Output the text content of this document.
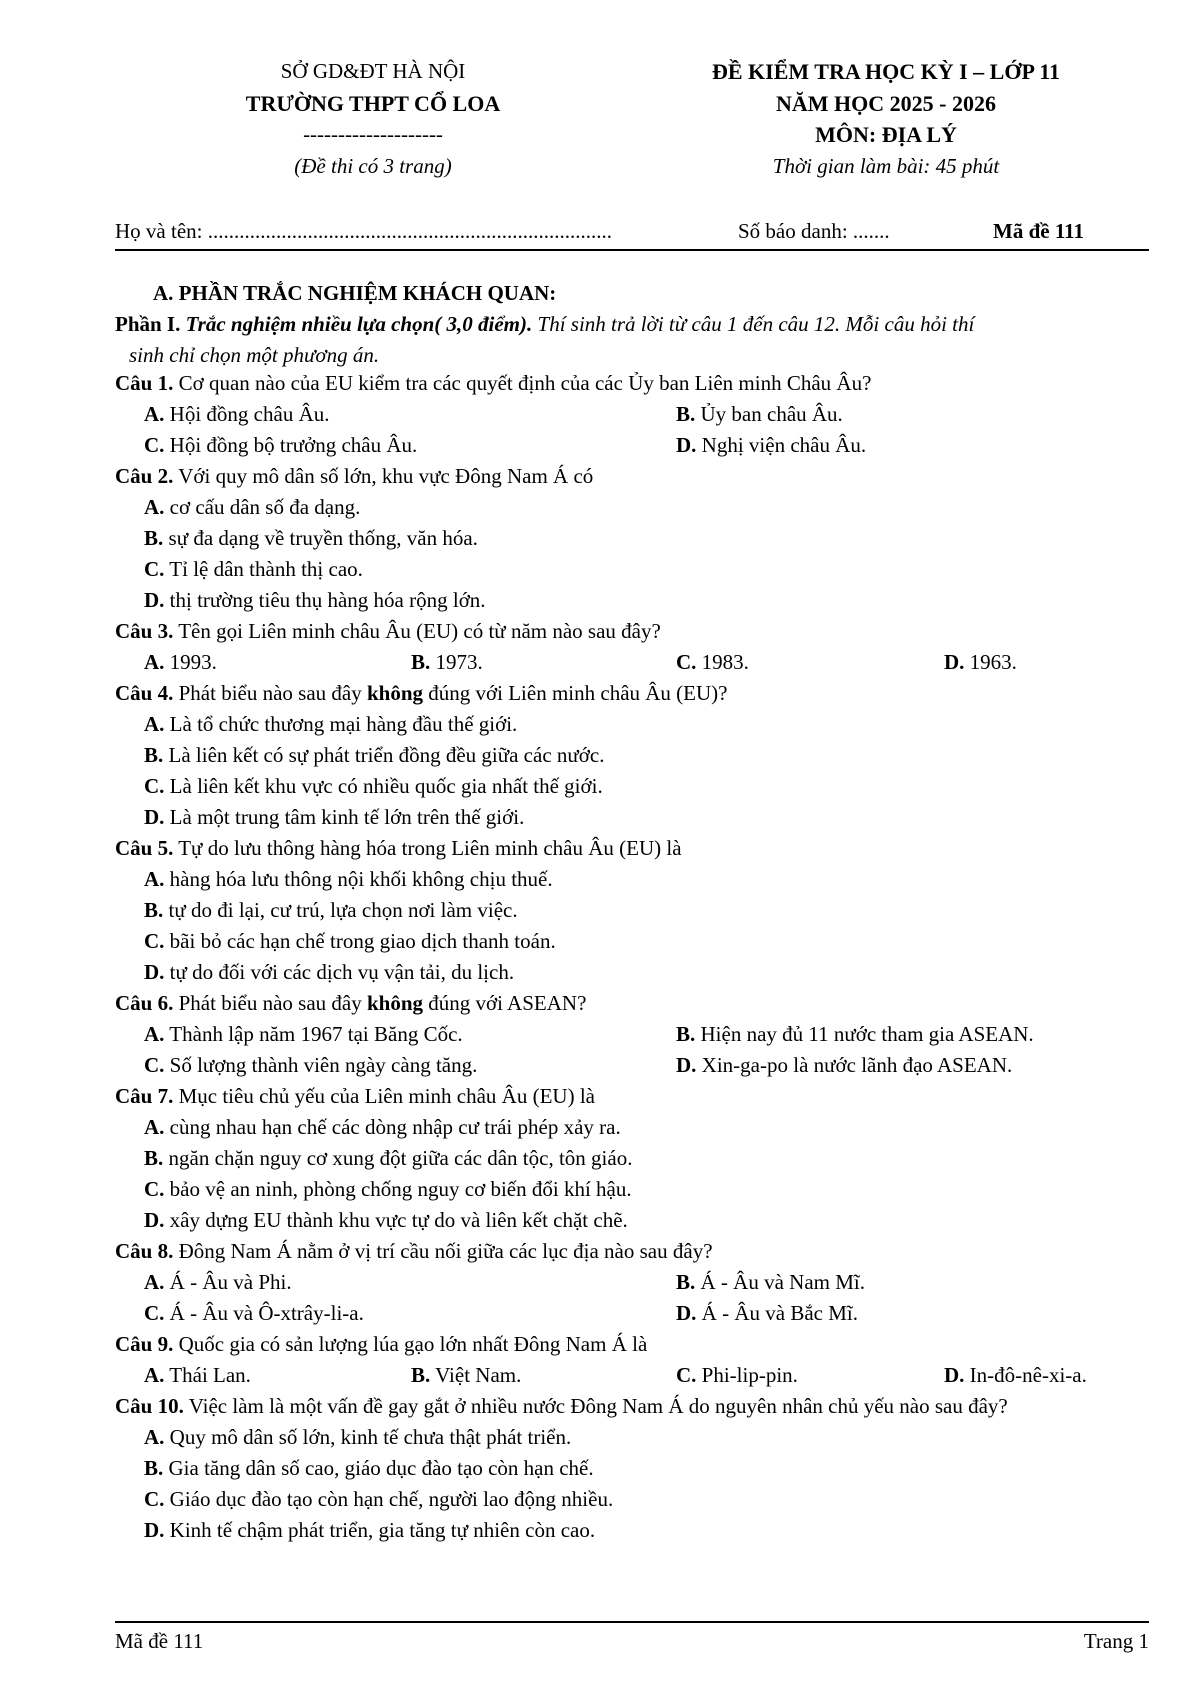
SỞ GD&ĐT HÀ NỘI
TRƯỜNG THPT CỔ LOA
--------------------
(Đề thi có 3 trang)
ĐỀ KIỂM TRA HỌC KỲ I – LỚP 11
NĂM HỌC 2025 - 2026
MÔN: ĐỊA LÝ
Thời gian làm bài: 45 phút
Họ và tên: .............................................................................	Số báo danh: .......	Mã đề 111
A. PHẦN TRẮC NGHIỆM KHÁCH QUAN:
Phần I. Trắc nghiệm nhiều lựa chọn( 3,0 điểm). Thí sinh trả lời từ câu 1 đến câu 12. Mỗi câu hỏi thí
sinh chỉ chọn một phương án.
Câu 1. Cơ quan nào của EU kiểm tra các quyết định của các Ủy ban Liên minh Châu Âu?
A. Hội đồng châu Âu.	B. Ủy ban châu Âu.
C. Hội đồng bộ trưởng châu Âu.	D. Nghị viện châu Âu.
Câu 2. Với quy mô dân số lớn, khu vực Đông Nam Á có
A. cơ cấu dân số đa dạng.
B. sự đa dạng về truyền thống, văn hóa.
C. Tỉ lệ dân thành thị cao.
D. thị trường tiêu thụ hàng hóa rộng lớn.
Câu 3. Tên gọi Liên minh châu Âu (EU) có từ năm nào sau đây?
A. 1993.	B. 1973.	C. 1983.	D. 1963.
Câu 4. Phát biểu nào sau đây không đúng với Liên minh châu Âu (EU)?
A. Là tổ chức thương mại hàng đầu thế giới.
B. Là liên kết có sự phát triển đồng đều giữa các nước.
C. Là liên kết khu vực có nhiều quốc gia nhất thế giới.
D. Là một trung tâm kinh tế lớn trên thế giới.
Câu 5. Tự do lưu thông hàng hóa trong Liên minh châu Âu (EU) là
A. hàng hóa lưu thông nội khối không chịu thuế.
B. tự do đi lại, cư trú, lựa chọn nơi làm việc.
C. bãi bỏ các hạn chế trong giao dịch thanh toán.
D. tự do đối với các dịch vụ vận tải, du lịch.
Câu 6. Phát biểu nào sau đây không đúng với ASEAN?
A. Thành lập năm 1967 tại Băng Cốc.	B. Hiện nay đủ 11 nước tham gia ASEAN.
C. Số lượng thành viên ngày càng tăng.	D. Xin-ga-po là nước lãnh đạo ASEAN.
Câu 7. Mục tiêu chủ yếu của Liên minh châu Âu (EU) là
A. cùng nhau hạn chế các dòng nhập cư trái phép xảy ra.
B. ngăn chặn nguy cơ xung đột giữa các dân tộc, tôn giáo.
C. bảo vệ an ninh, phòng chống nguy cơ biến đổi khí hậu.
D. xây dựng EU thành khu vực tự do và liên kết chặt chẽ.
Câu 8. Đông Nam Á nằm ở vị trí cầu nối giữa các lục địa nào sau đây?
A. Á - Âu và Phi.	B. Á - Âu và Nam Mĩ.
C. Á - Âu và Ô-xtrây-li-a.	D. Á - Âu và Bắc Mĩ.
Câu 9. Quốc gia có sản lượng lúa gạo lớn nhất Đông Nam Á là
A. Thái Lan.	B. Việt Nam.	C. Phi-lip-pin.	D. In-đô-nê-xi-a.
Câu 10. Việc làm là một vấn đề gay gắt ở nhiều nước Đông Nam Á do nguyên nhân chủ yếu nào sau đây?
A. Quy mô dân số lớn, kinh tế chưa thật phát triển.
B. Gia tăng dân số cao, giáo dục đào tạo còn hạn chế.
C. Giáo dục đào tạo còn hạn chế, người lao động nhiều.
D. Kinh tế chậm phát triển, gia tăng tự nhiên còn cao.
Mã đề 111	Trang 1
